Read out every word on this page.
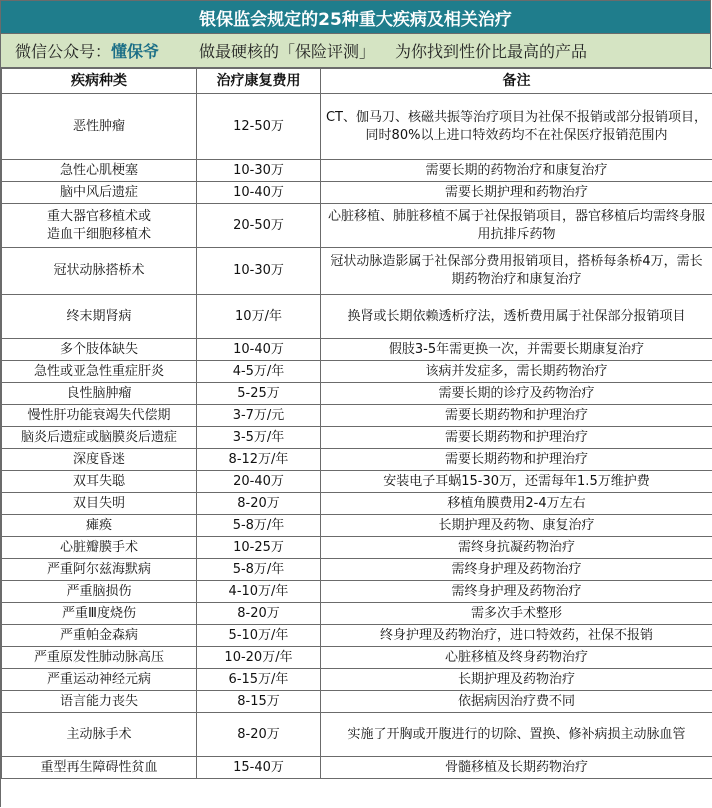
银保监会规定的25种重大疾病及相关治疗
微信公众号： 懂保爷	做最硬核的「保险评测」 为你找到性价比最高的产品
疾病种类	治疗康复费用	备注
恶性肿瘤	12-50万	CT、伽马刀、核磁共振等治疗项目为社保不报销或部分报销项目，同时80%以上进口特效药均不在社保医疗报销范围内
急性心肌梗塞	10-30万	需要长期的药物治疗和康复治疗
脑中风后遗症	10-40万	需要长期护理和药物治疗
重大器官移植术或
造血干细胞移植术	20-50万	心脏移植、肺脏移植不属于社保报销项目，器官移植后均需终身服用抗排斥药物
冠状动脉搭桥术	10-30万	冠状动脉造影属于社保部分费用报销项目，搭桥每条桥4万，需长期药物治疗和康复治疗
终末期肾病	10万/年	换肾或长期依赖透析疗法，透析费用属于社保部分报销项目
多个肢体缺失	10-40万	假肢3-5年需更换一次，并需要长期康复治疗
急性或亚急性重症肝炎	4-5万/年	该病并发症多，需长期药物治疗
良性脑肿瘤	5-25万	需要长期的诊疗及药物治疗
慢性肝功能衰竭失代偿期	3-7万/元	需要长期药物和护理治疗
脑炎后遗症或脑膜炎后遗症	3-5万/年	需要长期药物和护理治疗
深度昏迷	8-12万/年	需要长期药物和护理治疗
双耳失聪	20-40万	安装电子耳蜗15-30万，还需每年1.5万维护费
双目失明	8-20万	移植角膜费用2-4万左右
瘫痪	5-8万/年	长期护理及药物、康复治疗
心脏瓣膜手术	10-25万	需终身抗凝药物治疗
严重阿尔兹海默病	5-8万/年	需终身护理及药物治疗
严重脑损伤	4-10万/年	需终身护理及药物治疗
严重Ⅲ度烧伤	8-20万	需多次手术整形
严重帕金森病	5-10万/年	终身护理及药物治疗，进口特效药，社保不报销
严重原发性肺动脉高压	10-20万/年	心脏移植及终身药物治疗
严重运动神经元病	6-15万/年	长期护理及药物治疗
语言能力丧失	8-15万	依据病因治疗费不同
主动脉手术	8-20万	实施了开胸或开腹进行的切除、置换、修补病损主动脉血管
重型再生障碍性贫血	15-40万	骨髓移植及长期药物治疗
